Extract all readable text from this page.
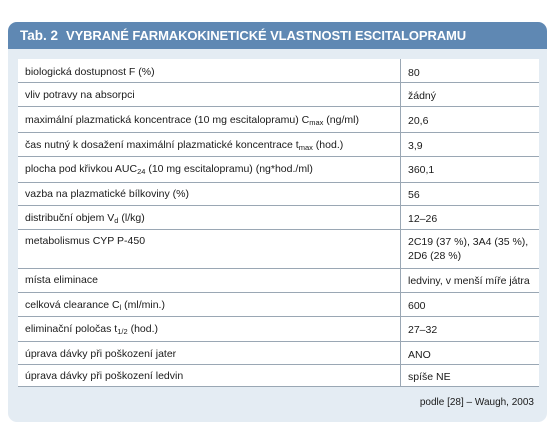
Tab. 2 VYBRANÉ FARMAKOKINETICKÉ VLASTNOSTI ESCITALOPRAMU
biologická dostupnost F (%)	80
vliv potravy na absorpci	žádný
maximální plazmatická koncentrace (10 mg escitalopramu) $C_{max}$ (ng/ml)	20,6
čas nutný k dosažení maximální plazmatické koncentrace $t_{max}$ (hod.)	3,9
plocha pod křivkou $AUC_{24}$ (10 mg escitalopramu) (ng*hod./ml)	360,1
vazba na plazmatické bílkoviny (%)	56
distribuční objem $V_d$ (l/kg)	12–26
metabolismus CYP P-450	2C19 (37 %), 3A4 (35 %),
2D6 (28 %)
místa eliminace	ledviny, v menší míře játra
celková clearance $C_l$ (ml/min.)	600
eliminační poločas $t_{1/2}$ (hod.)	27–32
úprava dávky při poškození jater	ANO
úprava dávky při poškození ledvin	spíše NE
podle [28] – Waugh, 2003
